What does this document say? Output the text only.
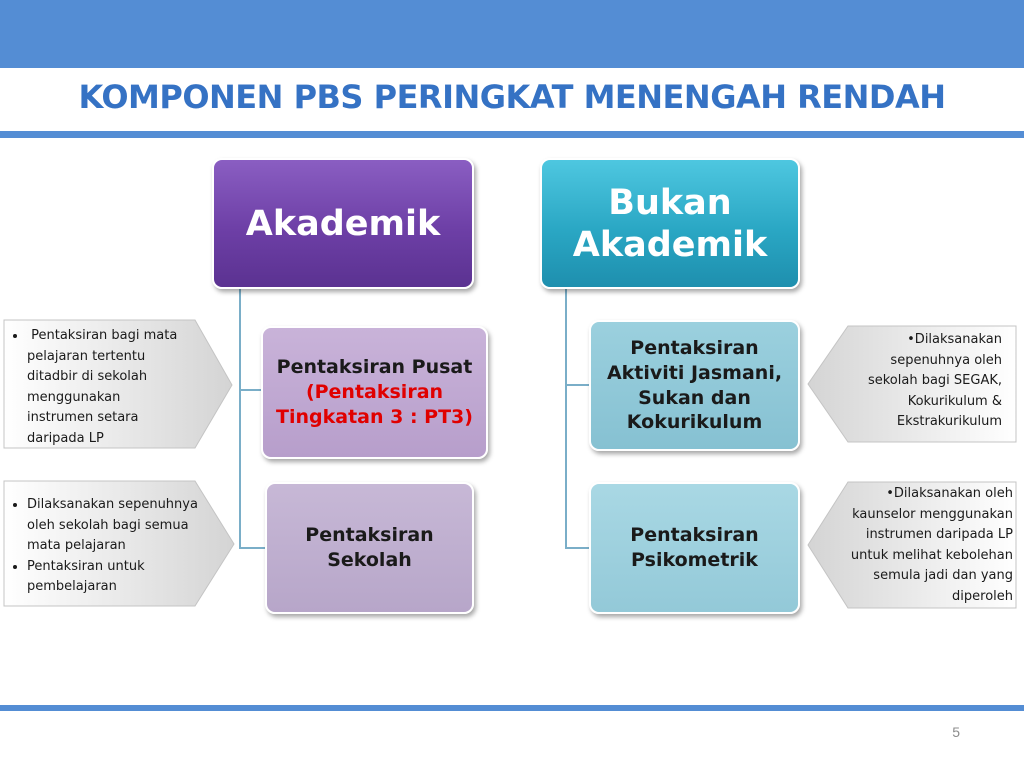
KOMPONEN PBS PERINGKAT MENENGAH RENDAH
Akademik
Bukan
Akademik
Pentaksiran Pusat
(Pentaksiran
Tingkatan 3 : PT3)
Pentaksiran
Sekolah
Pentaksiran
Aktiviti Jasmani,
Sukan dan
Kokurikulum
Pentaksiran
Psikometrik
•  Pentaksiran bagi mata
pelajaran tertentu
ditadbir di sekolah
menggunakan
instrumen setara
daripada LP
• Dilaksanakan sepenuhnya
oleh sekolah bagi semua
mata pelajaran
• Pentaksiran untuk
pembelajaran
•Dilaksanakan
sepenuhnya oleh
sekolah bagi SEGAK,
Kokurikulum &
Ekstrakurikulum
•Dilaksanakan oleh
kaunselor menggunakan
instrumen daripada LP
untuk melihat kebolehan
semula jadi dan yang
diperoleh
5
